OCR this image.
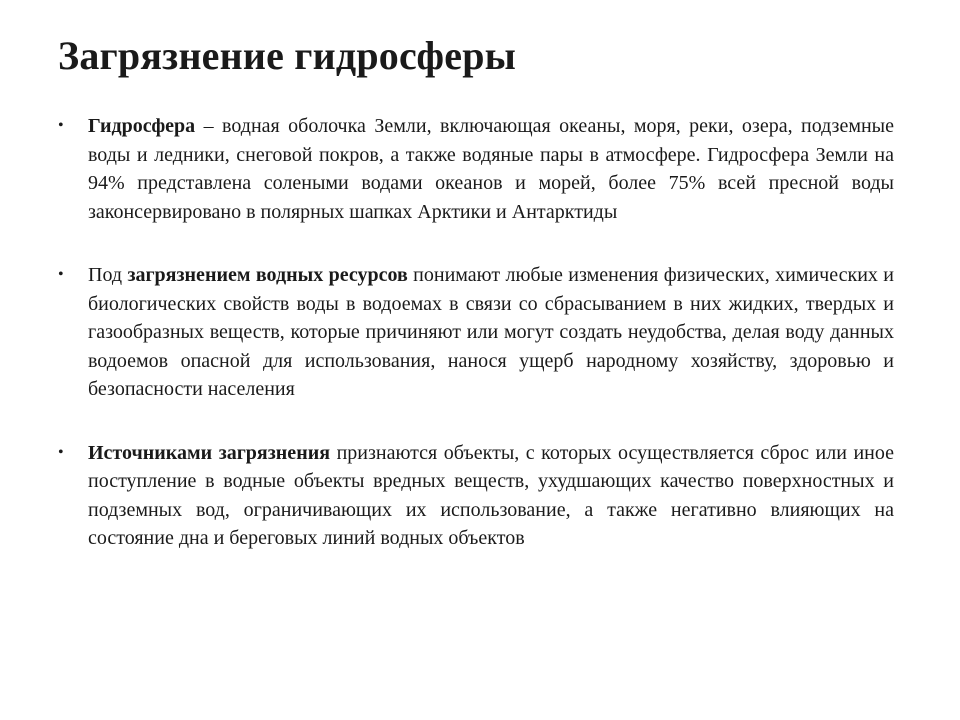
Загрязнение гидросферы
• Гидросфера – водная оболочка Земли, включающая океаны, моря, реки, озера, подземные воды и ледники, снеговой покров, а также водяные пары в атмосфере. Гидросфера Земли на 94% представлена солеными водами океанов и морей, более 75% всей пресной воды законсервировано в полярных шапках Арктики и Антарктиды
• Под загрязнением водных ресурсов понимают любые изменения физических, химических и биологических свойств воды в водоемах в связи со сбрасыванием в них жидких, твердых и газообразных веществ, которые причиняют или могут создать неудобства, делая воду данных водоемов опасной для использования, нанося ущерб народному хозяйству, здоровью и безопасности населения
• Источниками загрязнения признаются объекты, с которых осуществляется сброс или иное поступление в водные объекты вредных веществ, ухудшающих качество поверхностных и подземных вод, ограничивающих их использование, а также негативно влияющих на состояние дна и береговых линий водных объектов
